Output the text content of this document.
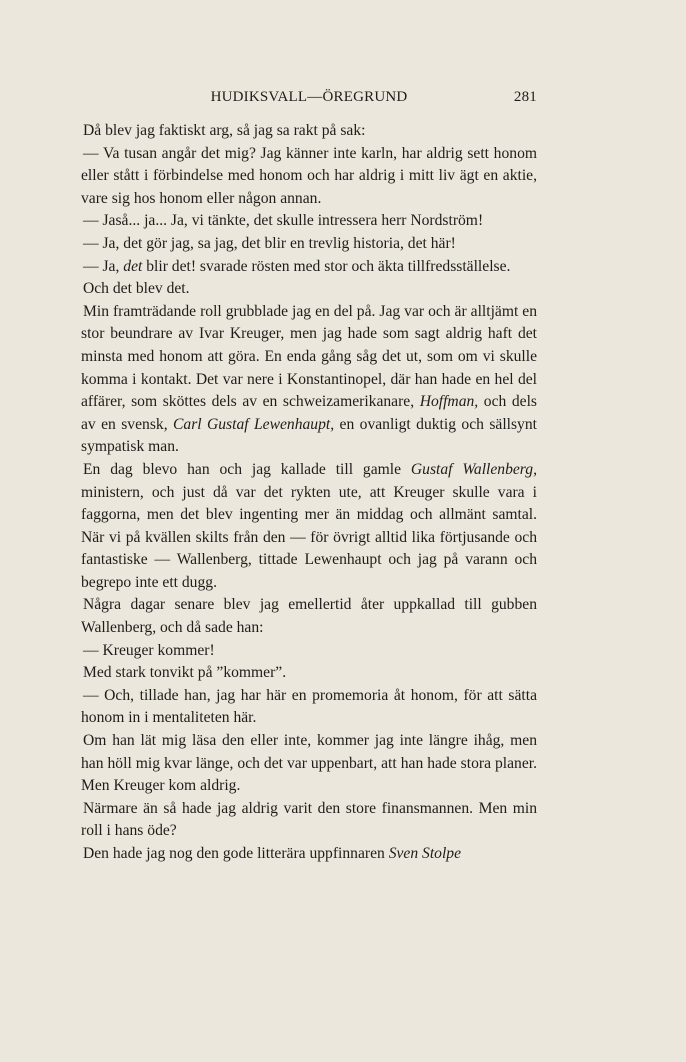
HUDIKSVALL—ÖREGRUND	281

Då blev jag faktiskt arg, så jag sa rakt på sak:

— Va tusan angår det mig? Jag känner inte karln, har aldrig sett honom eller stått i förbindelse med honom och har aldrig i mitt liv ägt en aktie, vare sig hos honom eller någon annan.

— Jaså... ja... Ja, vi tänkte, det skulle intressera herr Nordström!

— Ja, det gör jag, sa jag, det blir en trevlig historia, det här!

— Ja, det blir det! svarade rösten med stor och äkta tillfredsställelse.

Och det blev det.

Min framträdande roll grubblade jag en del på. Jag var och är alltjämt en stor beundrare av Ivar Kreuger, men jag hade som sagt aldrig haft det minsta med honom att göra. En enda gång såg det ut, som om vi skulle komma i kontakt. Det var nere i Konstantinopel, där han hade en hel del affärer, som sköttes dels av en schweizamerikanare, Hoffman, och dels av en svensk, Carl Gustaf Lewenhaupt, en ovanligt duktig och sällsynt sympatisk man.

En dag blevo han och jag kallade till gamle Gustaf Wallenberg, ministern, och just då var det rykten ute, att Kreuger skulle vara i faggorna, men det blev ingenting mer än middag och allmänt samtal. När vi på kvällen skilts från den — för övrigt alltid lika förtjusande och fantastiske — Wallenberg, tittade Lewenhaupt och jag på varann och begrepo inte ett dugg.

Några dagar senare blev jag emellertid åter uppkallad till gubben Wallenberg, och då sade han:

— Kreuger kommer!

Med stark tonvikt på ”kommer”.

— Och, tillade han, jag har här en promemoria åt honom, för att sätta honom in i mentaliteten här.

Om han lät mig läsa den eller inte, kommer jag inte längre ihåg, men han höll mig kvar länge, och det var uppenbart, att han hade stora planer. Men Kreuger kom aldrig.

Närmare än så hade jag aldrig varit den store finansmannen. Men min roll i hans öde?

Den hade jag nog den gode litterära uppfinnaren Sven Stolpe
